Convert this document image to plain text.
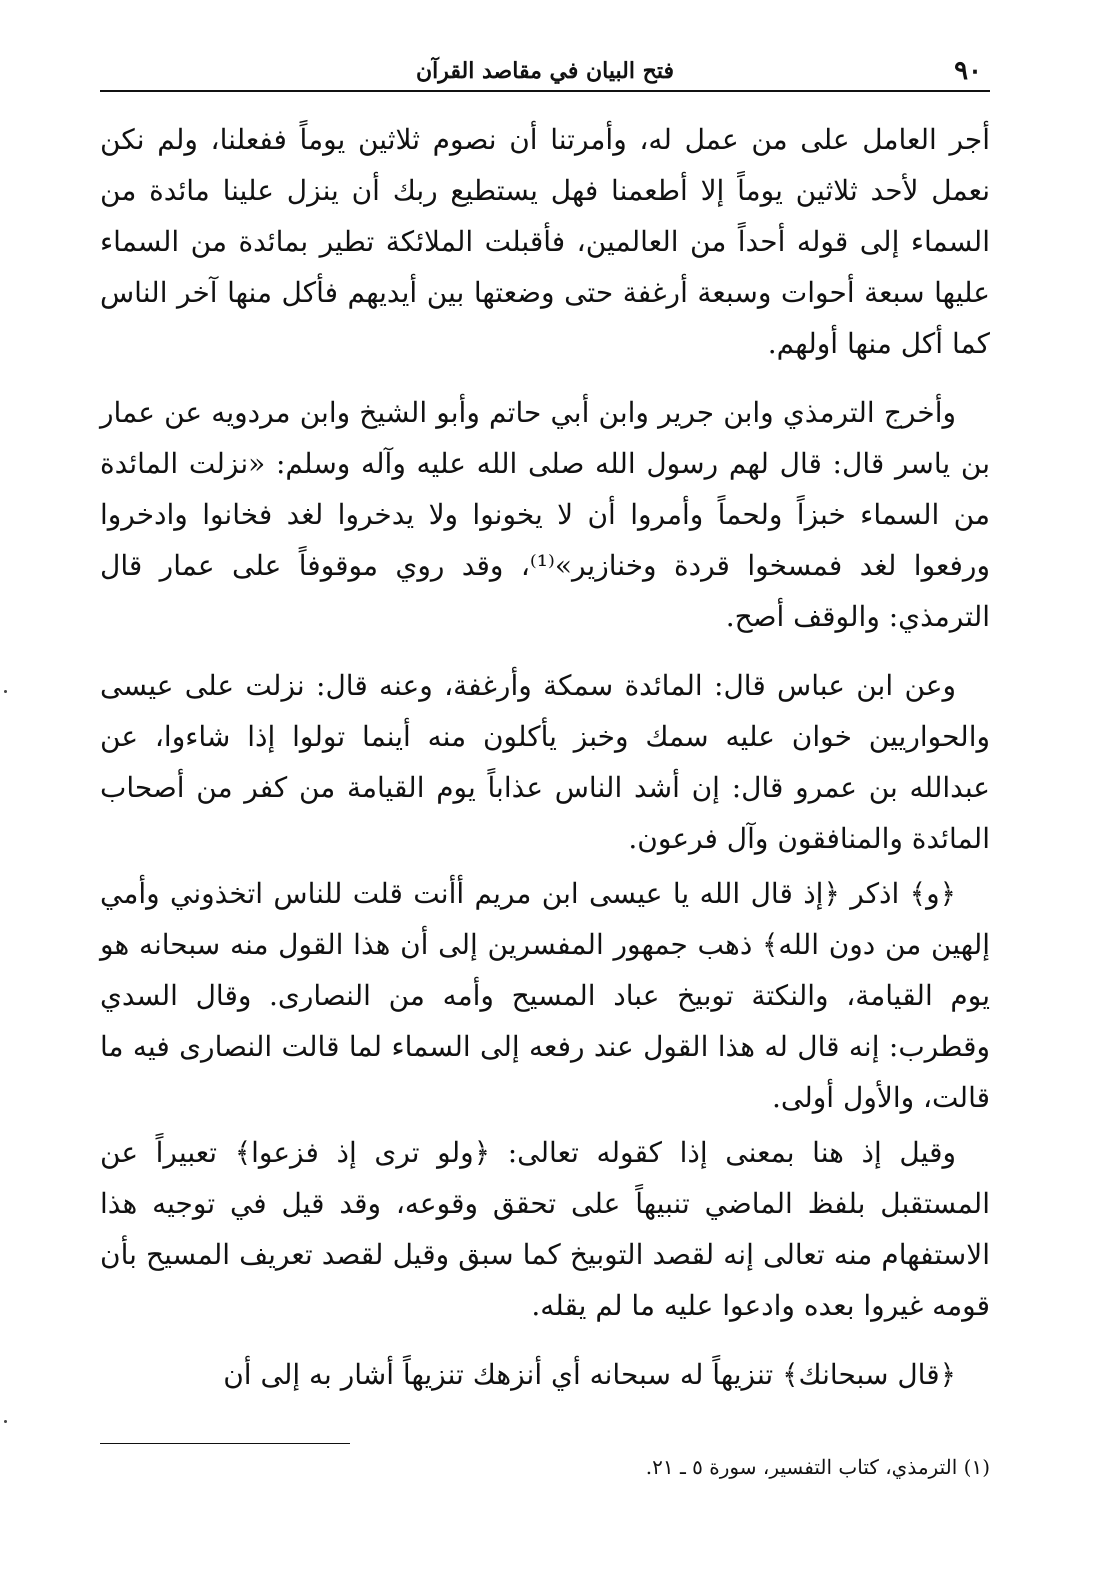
٩٠
فتح البيان في مقاصد القرآن

أجر العامل على من عمل له، وأمرتنا أن نصوم ثلاثين يوماً ففعلنا، ولم نكن نعمل لأحد ثلاثين يوماً إلا أطعمنا فهل يستطيع ربك أن ينزل علينا مائدة من السماء إلى قوله أحداً من العالمين، فأقبلت الملائكة تطير بمائدة من السماء عليها سبعة أحوات وسبعة أرغفة حتى وضعتها بين أيديهم فأكل منها آخر الناس كما أكل منها أولهم.

وأخرج الترمذي وابن جرير وابن أبي حاتم وأبو الشيخ وابن مردويه عن عمار بن ياسر قال: قال لهم رسول الله صلى الله عليه وآله وسلم: «نزلت المائدة من السماء خبزاً ولحماً وأمروا أن لا يخونوا ولا يدخروا لغد فخانوا وادخروا ورفعوا لغد فمسخوا قردة وخنازير»⁽¹⁾، وقد روي موقوفاً على عمار قال الترمذي: والوقف أصح.

وعن ابن عباس قال: المائدة سمكة وأرغفة، وعنه قال: نزلت على عيسى والحواريين خوان عليه سمك وخبز يأكلون منه أينما تولوا إذا شاءوا، عن عبدالله بن عمرو قال: إن أشد الناس عذاباً يوم القيامة من كفر من أصحاب المائدة والمنافقون وآل فرعون.

﴿و﴾ اذكر ﴿إذ قال الله يا عيسى ابن مريم أأنت قلت للناس اتخذوني وأمي إلهين من دون الله﴾ ذهب جمهور المفسرين إلى أن هذا القول منه سبحانه هو يوم القيامة، والنكتة توبيخ عباد المسيح وأمه من النصارى. وقال السدي وقطرب: إنه قال له هذا القول عند رفعه إلى السماء لما قالت النصارى فيه ما قالت، والأول أولى.

وقيل إذ هنا بمعنى إذا كقوله تعالى: ﴿ولو ترى إذ فزعوا﴾ تعبيراً عن المستقبل بلفظ الماضي تنبيهاً على تحقق وقوعه، وقد قيل في توجيه هذا الاستفهام منه تعالى إنه لقصد التوبيخ كما سبق وقيل لقصد تعريف المسيح بأن قومه غيروا بعده وادعوا عليه ما لم يقله.

﴿قال سبحانك﴾ تنزيهاً له سبحانه أي أنزهك تنزيهاً أشار به إلى أن

(١) الترمذي، كتاب التفسير، سورة ٥ ـ ٢١.
